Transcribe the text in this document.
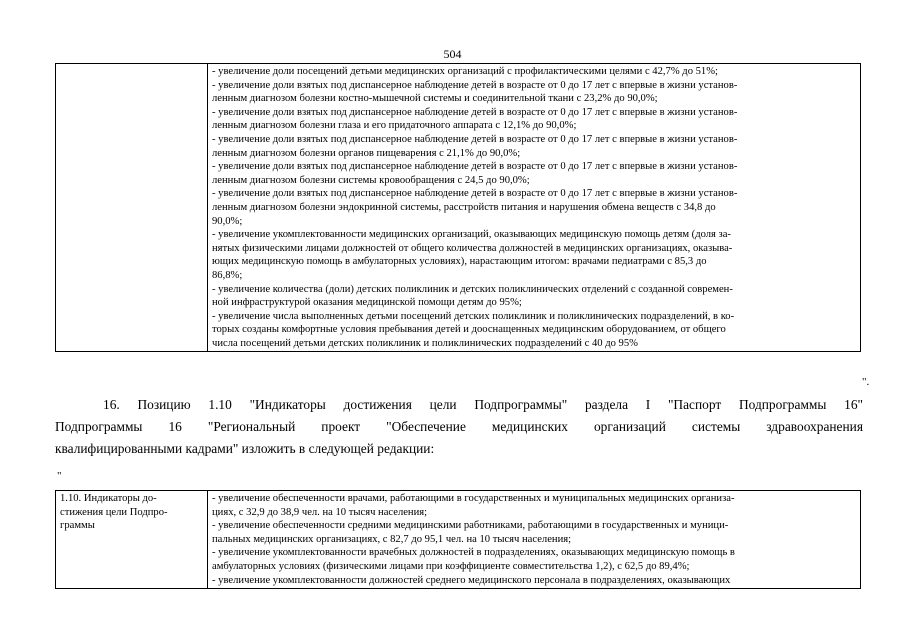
504

- увеличение доли посещений детьми медицинских организаций с профилактическими целями с 42,7% до 51%;
- увеличение доли взятых под диспансерное наблюдение детей в возрасте от 0 до 17 лет с впервые в жизни установ-
ленным диагнозом болезни костно-мышечной системы и соединительной ткани с 23,2% до 90,0%;
- увеличение доли взятых под диспансерное наблюдение детей в возрасте от 0 до 17 лет с впервые в жизни установ-
ленным диагнозом болезни глаза и его придаточного аппарата с 12,1% до 90,0%;
- увеличение доли взятых под диспансерное наблюдение детей в возрасте от 0 до 17 лет с впервые в жизни установ-
ленным диагнозом болезни органов пищеварения с 21,1% до 90,0%;
- увеличение доли взятых под диспансерное наблюдение детей в возрасте от 0 до 17 лет с впервые в жизни установ-
ленным диагнозом болезни системы кровообращения с 24,5 до 90,0%;
- увеличение доли взятых под диспансерное наблюдение детей в возрасте от 0 до 17 лет с впервые в жизни установ-
ленным диагнозом болезни эндокринной системы, расстройств питания и нарушения обмена веществ с 34,8 до
90,0%;
- увеличение укомплектованности медицинских организаций, оказывающих медицинскую помощь детям (доля за-
нятых физическими лицами должностей от общего количества должностей в медицинских организациях, оказыва-
ющих медицинскую помощь в амбулаторных условиях), нарастающим итогом: врачами педиатрами с 85,3 до
86,8%;
- увеличение количества (доли) детских поликлиник и детских поликлинических отделений с созданной современ-
ной инфраструктурой оказания медицинской помощи детям до 95%;
- увеличение числа выполненных детьми посещений детских поликлиник и поликлинических подразделений, в ко-
торых созданы комфортные условия пребывания детей и дооснащенных медицинским оборудованием, от общего
числа посещений детьми детских поликлиник и поликлинических подразделений с 40 до 95%
".
16. Позицию 1.10 "Индикаторы достижения цели Подпрограммы" раздела I "Паспорт Подпрограммы 16"
Подпрограммы 16 "Региональный проект "Обеспечение медицинских организаций системы здравоохранения
квалифицированными кадрами" изложить в следующей редакции:
"
1.10. Индикаторы до-
стижения цели Подпро-
граммы

- увеличение обеспеченности врачами, работающими в государственных и муниципальных медицинских организа-
циях, с 32,9 до 38,9 чел. на 10 тысяч населения;
- увеличение обеспеченности средними медицинскими работниками, работающими в государственных и муници-
пальных медицинских организациях, с 82,7 до 95,1 чел. на 10 тысяч населения;
- увеличение укомплектованности врачебных должностей в подразделениях, оказывающих медицинскую помощь в
амбулаторных условиях (физическими лицами при коэффициенте совместительства 1,2), с 62,5 до 89,4%;
- увеличение укомплектованности должностей среднего медицинского персонала в подразделениях, оказывающих
